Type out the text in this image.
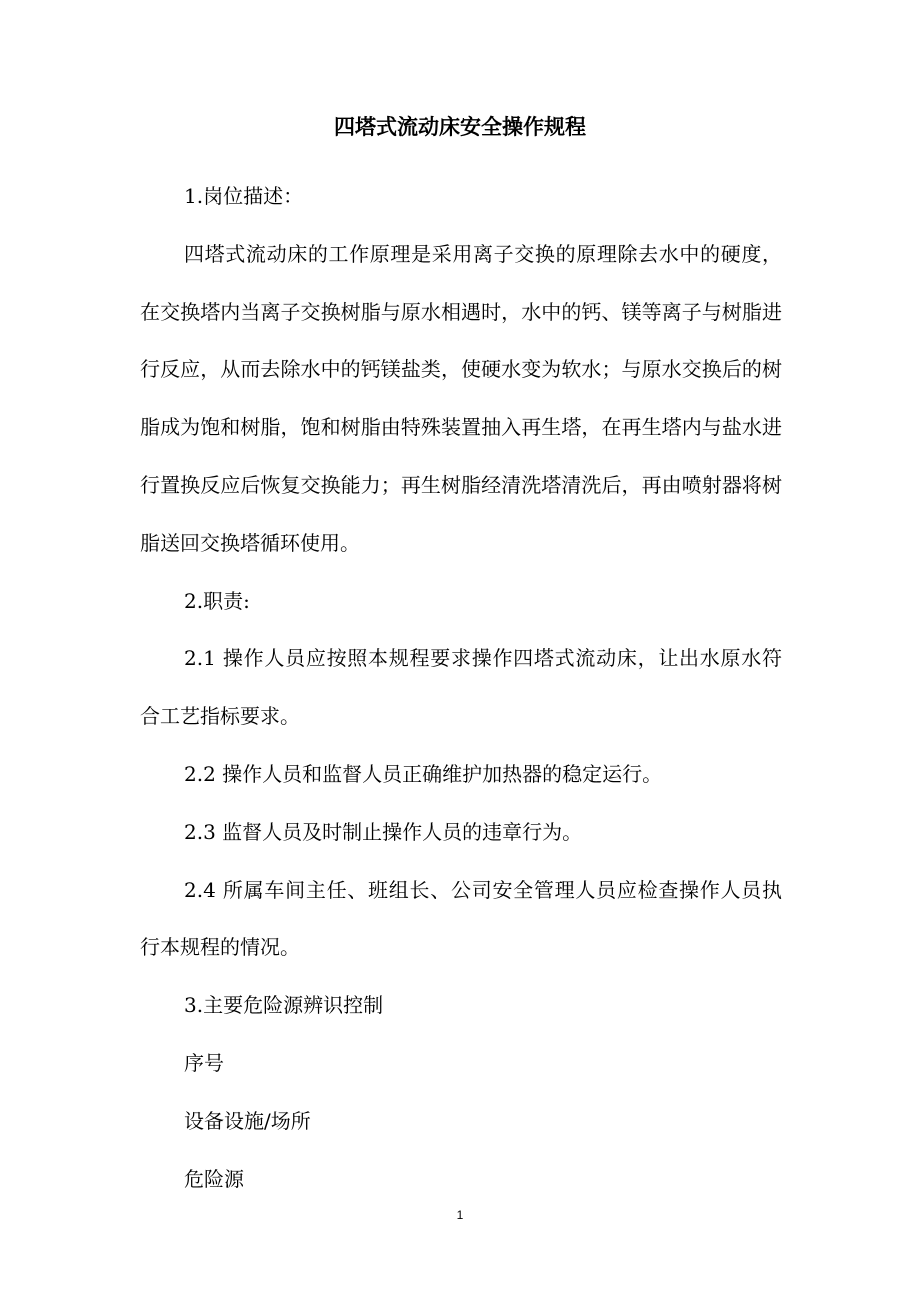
四塔式流动床安全操作规程

1.岗位描述：

四塔式流动床的工作原理是采用离子交换的原理除去水中的硬度，在交换塔内当离子交换树脂与原水相遇时，水中的钙、镁等离子与树脂进行反应，从而去除水中的钙镁盐类，使硬水变为软水；与原水交换后的树脂成为饱和树脂，饱和树脂由特殊装置抽入再生塔，在再生塔内与盐水进行置换反应后恢复交换能力；再生树脂经清洗塔清洗后，再由喷射器将树脂送回交换塔循环使用。

2.职责:

2.1 操作人员应按照本规程要求操作四塔式流动床，让出水原水符合工艺指标要求。

2.2 操作人员和监督人员正确维护加热器的稳定运行。

2.3 监督人员及时制止操作人员的违章行为。

2.4 所属车间主任、班组长、公司安全管理人员应检查操作人员执行本规程的情况。

3.主要危险源辨识控制

序号

设备设施/场所

危险源

1
